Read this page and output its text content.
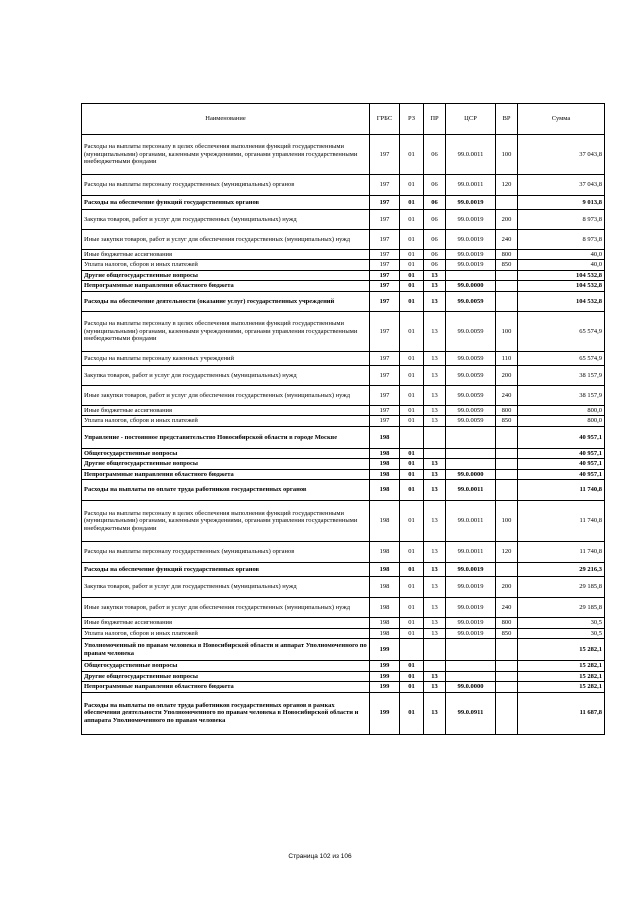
Наименование	ГРБС	РЗ	ПР	ЦСР	ВР	Сумма
Расходы на выплаты персоналу в целях обеспечения выполнения функций государственными (муниципальными) органами, казенными учреждениями, органами управления государственными внебюджетными фондами	197	01	06	99.0.0011	100	37 043,8
Расходы на выплаты персоналу государственных (муниципальных) органов	197	01	06	99.0.0011	120	37 043,8
Расходы на обеспечение функций государственных органов	197	01	06	99.0.0019		9 013,8
Закупка товаров, работ и услуг для государственных (муниципальных) нужд	197	01	06	99.0.0019	200	8 973,8
Иные закупки товаров, работ и услуг для обеспечения государственных (муниципальных) нужд	197	01	06	99.0.0019	240	8 973,8
Иные бюджетные ассигнования	197	01	06	99.0.0019	800	40,0
Уплата налогов, сборов и иных платежей	197	01	06	99.0.0019	850	40,0
Другие общегосударственные вопросы	197	01	13			104 532,8
Непрограммные направления областного бюджета	197	01	13	99.0.0000		104 532,8
Расходы на обеспечение деятельности (оказание услуг) государственных учреждений	197	01	13	99.0.0059		104 532,8
Расходы на выплаты персоналу в целях обеспечения выполнения функций государственными (муниципальными) органами, казенными учреждениями, органами управления государственными внебюджетными фондами	197	01	13	99.0.0059	100	65 574,9
Расходы на выплаты персоналу казенных учреждений	197	01	13	99.0.0059	110	65 574,9
Закупка товаров, работ и услуг для государственных (муниципальных) нужд	197	01	13	99.0.0059	200	38 157,9
Иные закупки товаров, работ и услуг для обеспечения государственных (муниципальных) нужд	197	01	13	99.0.0059	240	38 157,9
Иные бюджетные ассигнования	197	01	13	99.0.0059	800	800,0
Уплата налогов, сборов и иных платежей	197	01	13	99.0.0059	850	800,0
Управление - постоянное представительство Новосибирской области в городе Москве	198					40 957,1
Общегосударственные вопросы	198	01				40 957,1
Другие общегосударственные вопросы	198	01	13			40 957,1
Непрограммные направления областного бюджета	198	01	13	99.0.0000		40 957,1
Расходы на выплаты по оплате труда работников государственных органов	198	01	13	99.0.0011		11 740,8
Расходы на выплаты персоналу в целях обеспечения выполнения функций государственными (муниципальными) органами, казенными учреждениями, органами управления государственными внебюджетными фондами	198	01	13	99.0.0011	100	11 740,8
Расходы на выплаты персоналу государственных (муниципальных) органов	198	01	13	99.0.0011	120	11 740,8
Расходы на обеспечение функций государственных органов	198	01	13	99.0.0019		29 216,3
Закупка товаров, работ и услуг для государственных (муниципальных) нужд	198	01	13	99.0.0019	200	29 185,8
Иные закупки товаров, работ и услуг для обеспечения государственных (муниципальных) нужд	198	01	13	99.0.0019	240	29 185,8
Иные бюджетные ассигнования	198	01	13	99.0.0019	800	30,5
Уплата налогов, сборов и иных платежей	198	01	13	99.0.0019	850	30,5
Уполномоченный по правам человека в Новосибирской области и аппарат Уполномоченного по правам человека	199					15 282,1
Общегосударственные вопросы	199	01				15 282,1
Другие общегосударственные вопросы	199	01	13			15 282,1
Непрограммные направления областного бюджета	199	01	13	99.0.0000		15 282,1
Расходы на выплаты по оплате труда работников государственных органов в рамках обеспечения деятельности Уполномоченного по правам человека в Новосибирской области и аппарата Уполномоченного по правам человека	199	01	13	99.0.0911		11 687,8
Страница 102 из 106
